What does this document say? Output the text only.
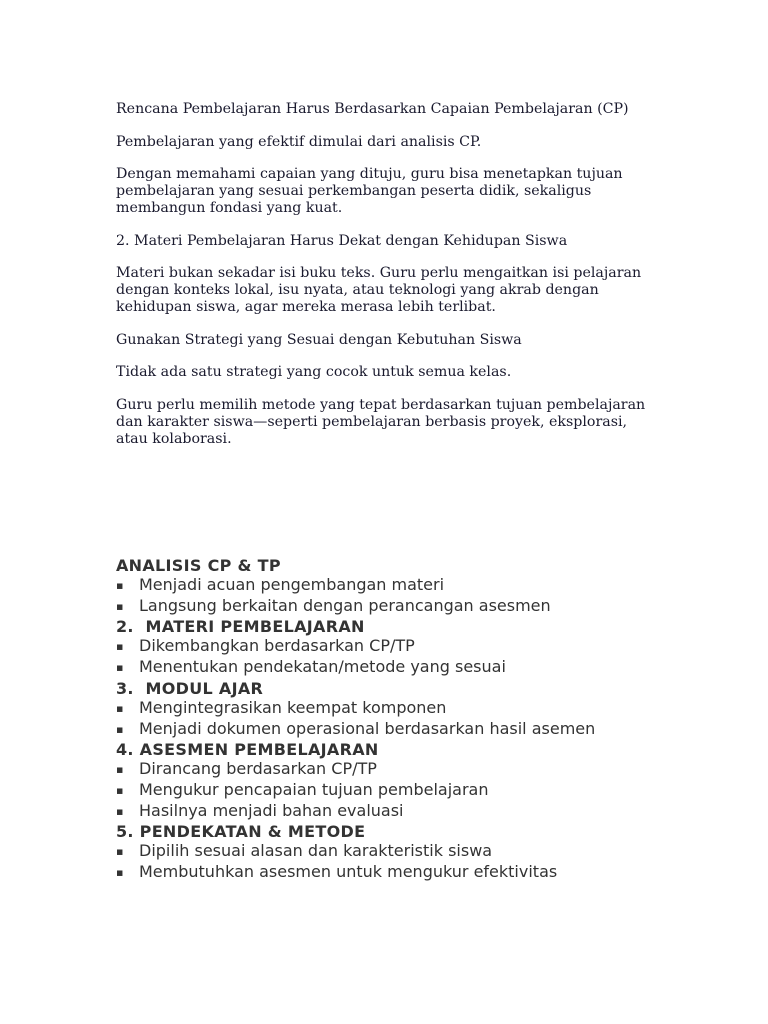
Rencana Pembelajaran Harus Berdasarkan Capaian Pembelajaran (CP)

Pembelajaran yang efektif dimulai dari analisis CP.

Dengan memahami capaian yang dituju, guru bisa menetapkan tujuan pembelajaran yang sesuai perkembangan peserta didik, sekaligus membangun fondasi yang kuat.

2. Materi Pembelajaran Harus Dekat dengan Kehidupan Siswa

Materi bukan sekadar isi buku teks. Guru perlu mengaitkan isi pelajaran dengan konteks lokal, isu nyata, atau teknologi yang akrab dengan kehidupan siswa, agar mereka merasa lebih terlibat.

Gunakan Strategi yang Sesuai dengan Kebutuhan Siswa

Tidak ada satu strategi yang cocok untuk semua kelas.

Guru perlu memilih metode yang tepat berdasarkan tujuan pembelajaran dan karakter siswa—seperti pembelajaran berbasis proyek, eksplorasi, atau kolaborasi.

ANALISIS CP & TP
▪ Menjadi acuan pengembangan materi
▪ Langsung berkaitan dengan perancangan asesmen
2.  MATERI PEMBELAJARAN
▪ Dikembangkan berdasarkan CP/TP
▪ Menentukan pendekatan/metode yang sesuai
3.  MODUL AJAR
▪ Mengintegrasikan keempat komponen
▪ Menjadi dokumen operasional berdasarkan hasil asemen
4. ASESMEN PEMBELAJARAN
▪ Dirancang berdasarkan CP/TP
▪ Mengukur pencapaian tujuan pembelajaran
▪ Hasilnya menjadi bahan evaluasi
5. PENDEKATAN & METODE
▪ Dipilih sesuai alasan dan karakteristik siswa
▪ Membutuhkan asesmen untuk mengukur efektivitas
